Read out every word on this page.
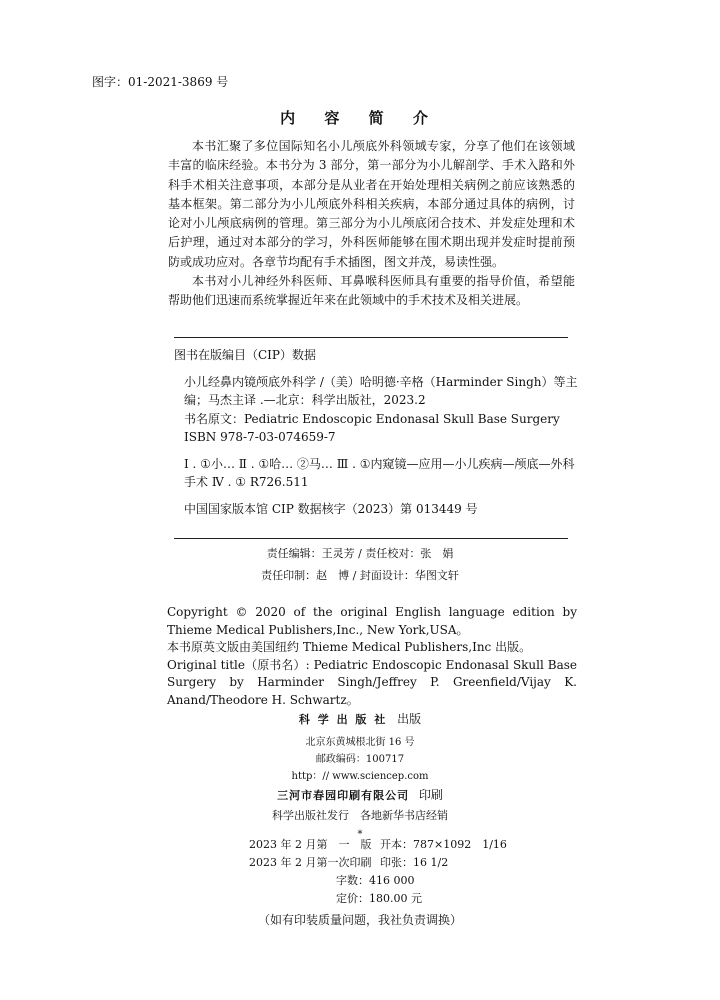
图字：01-2021-3869 号
内 容 简 介

本书汇聚了多位国际知名小儿颅底外科领域专家，分享了他们在该领域丰富的临床经验。本书分为 3 部分，第一部分为小儿解剖学、手术入路和外科手术相关注意事项，本部分是从业者在开始处理相关病例之前应该熟悉的基本框架。第二部分为小儿颅底外科相关疾病，本部分通过具体的病例，讨论对小儿颅底病例的管理。第三部分为小儿颅底闭合技术、并发症处理和术后护理，通过对本部分的学习，外科医师能够在围术期出现并发症时提前预防或成功应对。各章节均配有手术插图，图文并茂，易读性强。

本书对小儿神经外科医师、耳鼻喉科医师具有重要的指导价值，希望能帮助他们迅速而系统掌握近年来在此领域中的手术技术及相关进展。

图书在版编目（CIP）数据
小儿经鼻内镜颅底外科学 /（美）哈明德·辛格（Harminder Singh）等主编；马杰主译 .—北京：科学出版社，2023.2
书名原文：Pediatric Endoscopic Endonasal Skull Base Surgery
ISBN 978-7-03-074659-7
Ⅰ . ①小… Ⅱ . ①哈… ②马… Ⅲ . ①内窥镜—应用—小儿疾病—颅底—外科手术 Ⅳ . ① R726.511
中国国家版本馆 CIP 数据核字（2023）第 013449 号
责任编辑：王灵芳 / 责任校对：张　娟
责任印制：赵　博 / 封面设计：华图文轩
Copyright © 2020 of the original English language edition by Thieme Medical Publishers,Inc., New York,USA。
本书原英文版由美国纽约 Thieme Medical Publishers,Inc 出版。
Original title（原书名）: Pediatric Endoscopic Endonasal Skull Base Surgery by Harminder Singh/Jeffrey P. Greenfield/Vijay K. Anand/Theodore H. Schwartz。
科 学 出 版 社 出版
北京东黄城根北街 16 号
邮政编码：100717
http：// www.sciencep.com
三河市春园印刷有限公司 印刷
科学出版社发行　各地新华书店经销
*
2023 年 2 月第　一　版 开本：787×1092　1/16
2023 年 2 月第一次印刷 印张：16 1/2
字数：416 000
定价：180.00 元
（如有印装质量问题，我社负责调换）
